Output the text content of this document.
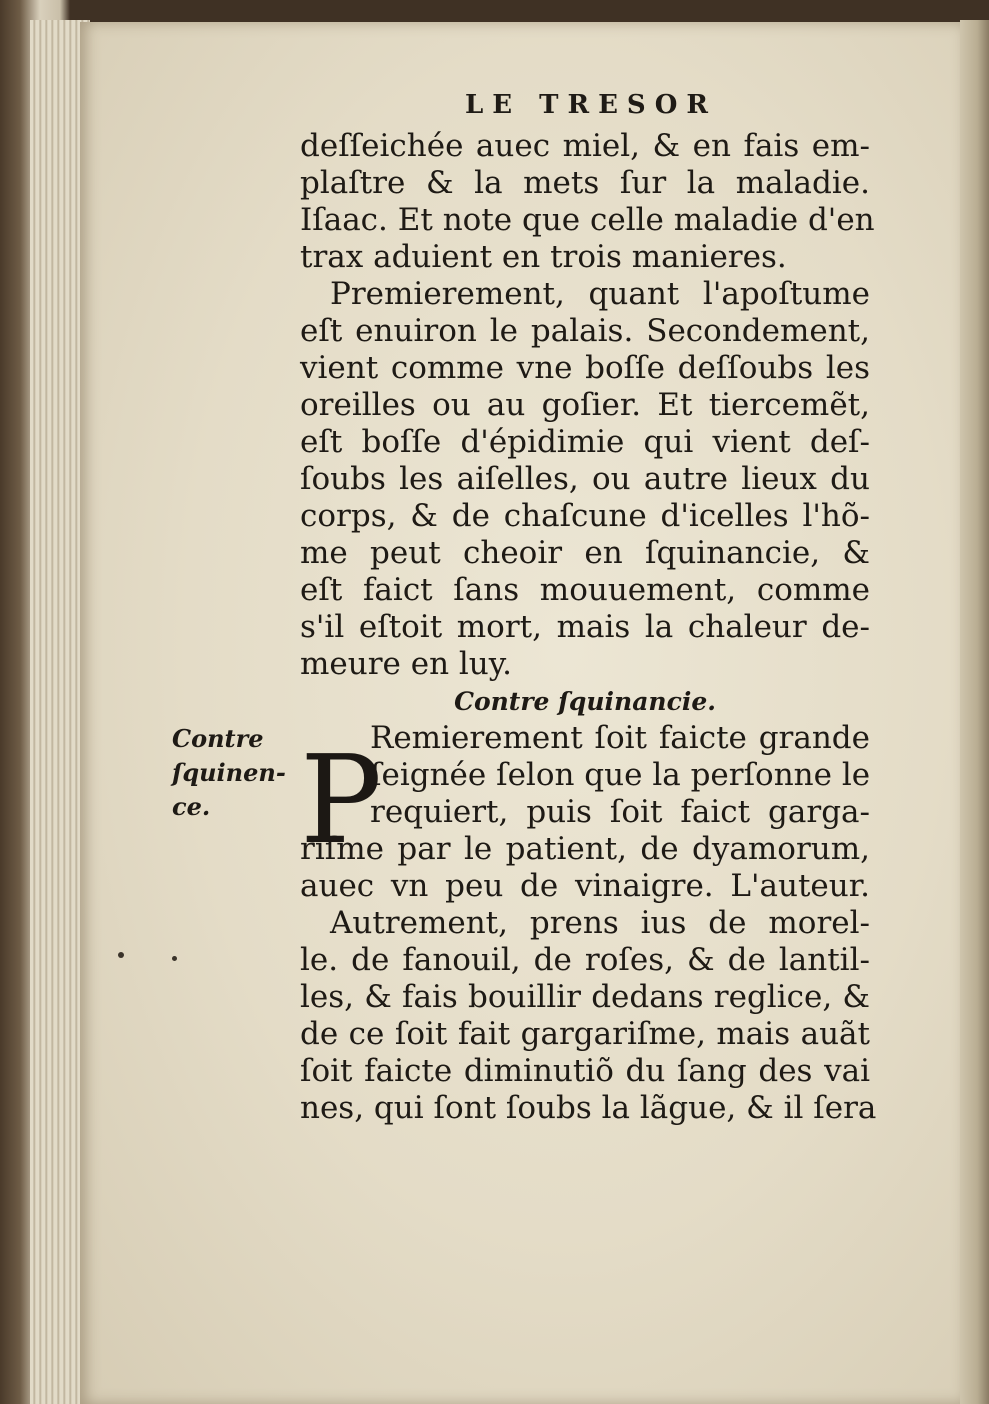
LE TRESOR
Contre
ſquinen-
ce.
deſſeichée auec miel, & en fais em-
plaſtre & la mets ſur la maladie.
Iſaac. Et note que celle maladie d'en
trax aduient en trois manieres.
Premierement, quant l'apoſtume
eſt enuiron le palais. Secondement,
vient comme vne boſſe deſſoubs les
oreilles ou au goſier. Et tiercemẽt,
eſt boſſe d'épidimie qui vient deſ-
ſoubs les aiſelles, ou autre lieux du
corps, & de chaſcune d'icelles l'hõ-
me peut cheoir en ſquinancie, &
eſt faict ſans mouuement, comme
s'il eſtoit mort, mais la chaleur de-
meure en luy.
Contre ſquinancie.
P
Remierement ſoit faicte grande
ſeignée ſelon que la perſonne le
requiert, puis ſoit faict garga-
riſme par le patient, de dyamorum,
auec vn peu de vinaigre. L'auteur.
Autrement, prens ius de morel-
le. de fanouil, de roſes, & de lantil-
les, & fais bouillir dedans reglice, &
de ce ſoit fait gargariſme, mais auãt
ſoit faicte diminutiõ du ſang des vai
nes, qui ſont ſoubs la lãgue, & il ſera
